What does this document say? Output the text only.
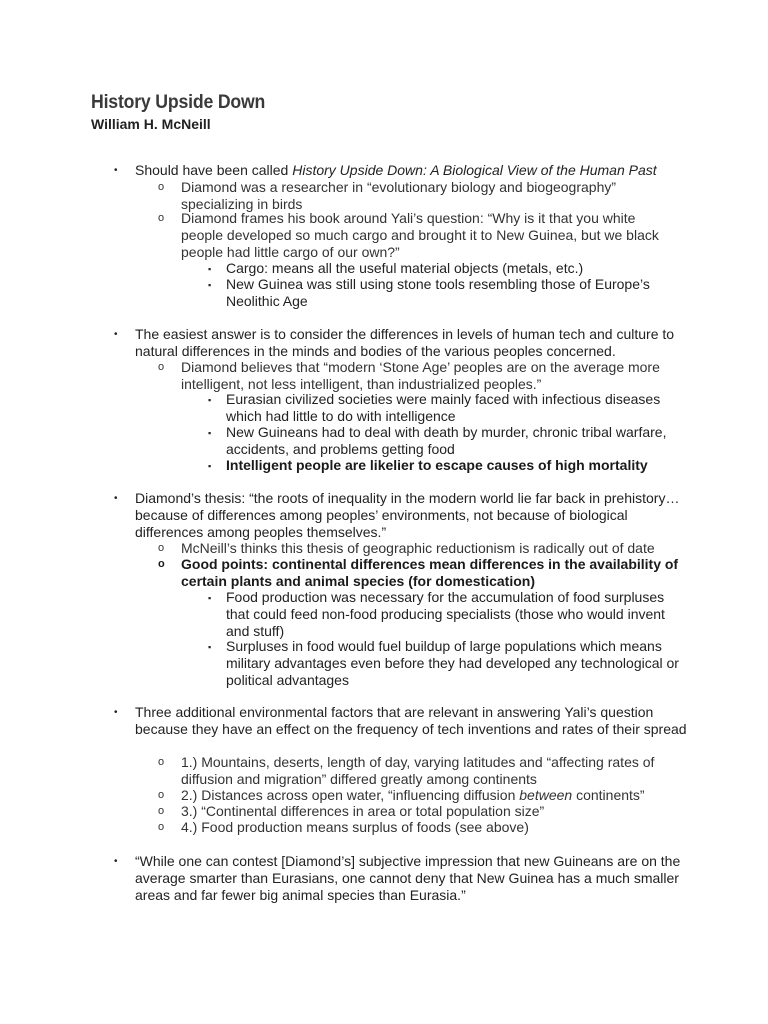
History Upside Down
William H. McNeill
• Should have been called History Upside Down: A Biological View of the Human Past
o Diamond was a researcher in “evolutionary biology and biogeography” specializing in birds
o Diamond frames his book around Yali’s question: “Why is it that you white people developed so much cargo and brought it to New Guinea, but we black people had little cargo of our own?”
▪ Cargo: means all the useful material objects (metals, etc.)
▪ New Guinea was still using stone tools resembling those of Europe’s Neolithic Age
• The easiest answer is to consider the differences in levels of human tech and culture to natural differences in the minds and bodies of the various peoples concerned.
o Diamond believes that “modern ‘Stone Age’ peoples are on the average more intelligent, not less intelligent, than industrialized peoples.”
▪ Eurasian civilized societies were mainly faced with infectious diseases which had little to do with intelligence
▪ New Guineans had to deal with death by murder, chronic tribal warfare, accidents, and problems getting food
▪ Intelligent people are likelier to escape causes of high mortality
• Diamond’s thesis: “the roots of inequality in the modern world lie far back in prehistory…because of differences among peoples’ environments, not because of biological differences among peoples themselves.”
o McNeill’s thinks this thesis of geographic reductionism is radically out of date
o Good points: continental differences mean differences in the availability of certain plants and animal species (for domestication)
▪ Food production was necessary for the accumulation of food surpluses that could feed non-food producing specialists (those who would invent and stuff)
▪ Surpluses in food would fuel buildup of large populations which means military advantages even before they had developed any technological or political advantages
• Three additional environmental factors that are relevant in answering Yali’s question because they have an effect on the frequency of tech inventions and rates of their spread
o 1.) Mountains, deserts, length of day, varying latitudes and “affecting rates of diffusion and migration” differed greatly among continents
o 2.) Distances across open water, “influencing diffusion between continents”
o 3.) “Continental differences in area or total population size”
o 4.) Food production means surplus of foods (see above)
• “While one can contest [Diamond’s] subjective impression that new Guineans are on the average smarter than Eurasians, one cannot deny that New Guinea has a much smaller areas and far fewer big animal species than Eurasia.”
